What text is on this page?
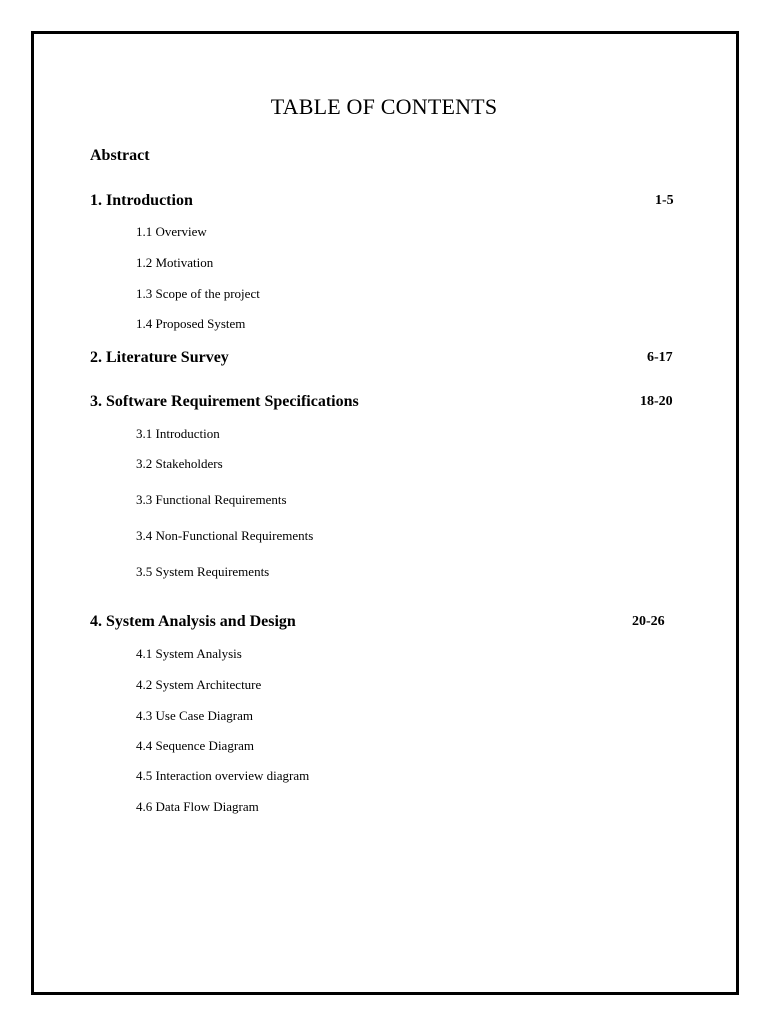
TABLE OF CONTENTS
Abstract
1. Introduction	1-5
1.1 Overview
1.2 Motivation
1.3 Scope of the project
1.4 Proposed System
2. Literature Survey	6-17
3. Software Requirement Specifications	18-20
3.1 Introduction
3.2 Stakeholders
3.3 Functional Requirements
3.4 Non-Functional Requirements
3.5 System Requirements
4. System Analysis and Design	20-26
4.1 System Analysis
4.2 System Architecture
4.3 Use Case Diagram
4.4 Sequence Diagram
4.5 Interaction overview diagram
4.6 Data Flow Diagram
